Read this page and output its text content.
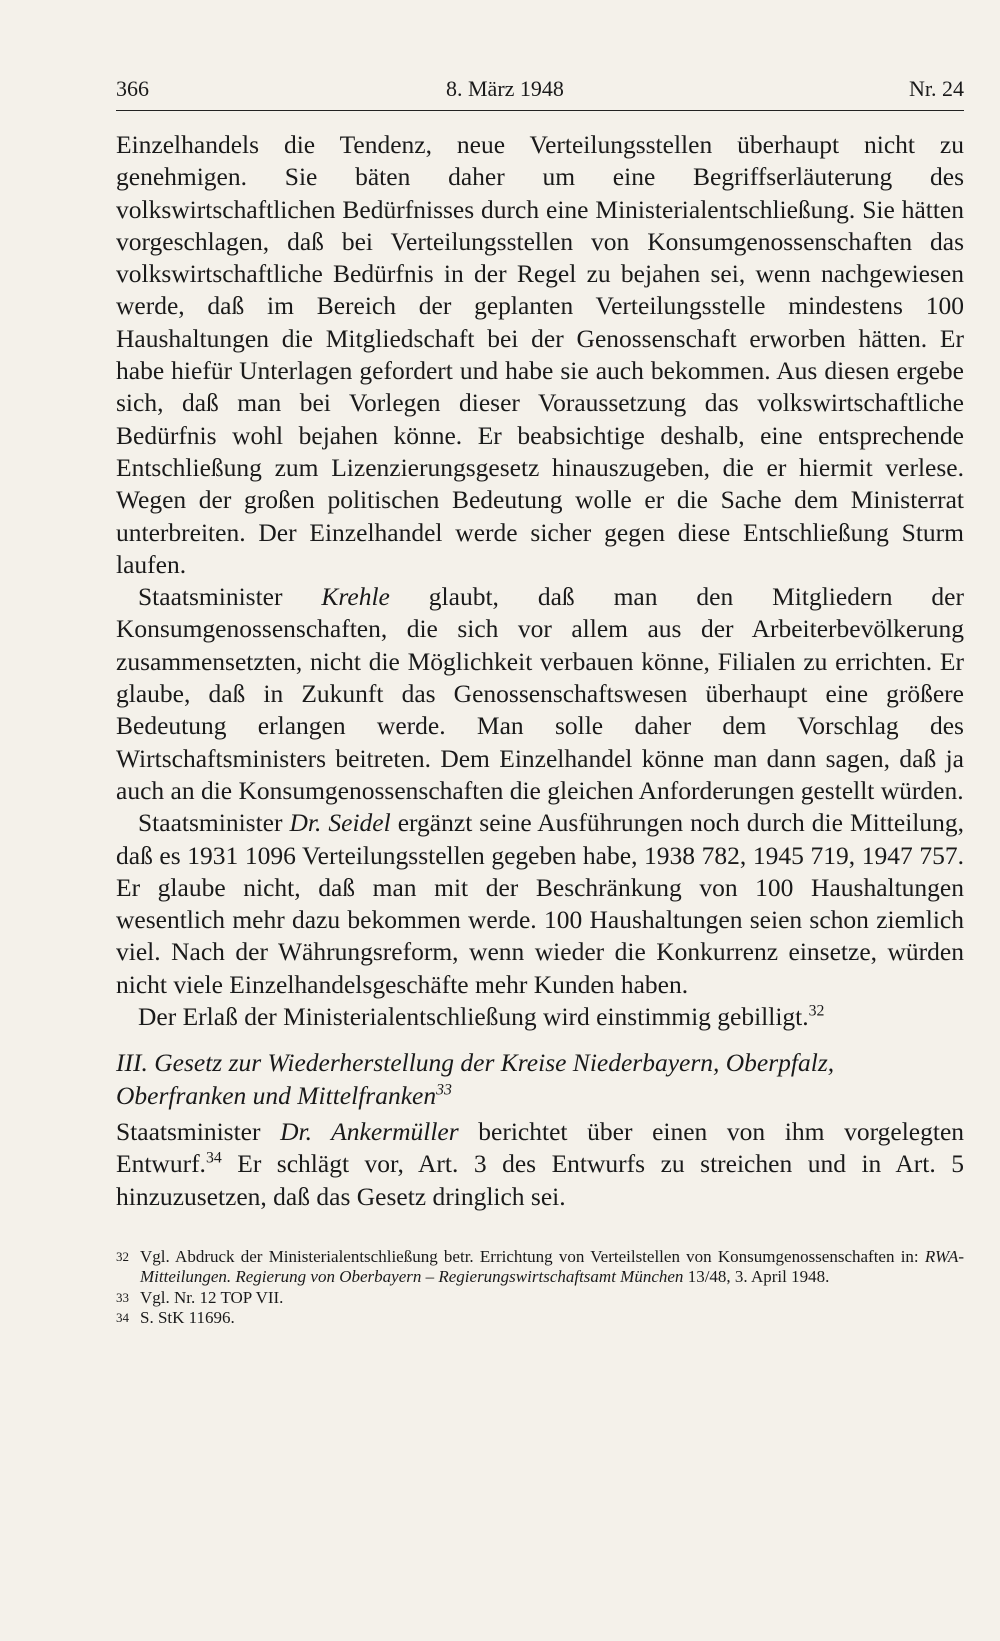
366	8. März 1948	Nr. 24

Einzelhandels die Tendenz, neue Verteilungsstellen überhaupt nicht zu genehmigen. Sie bäten daher um eine Begriffserläuterung des volkswirtschaftlichen Bedürfnisses durch eine Ministerialentschließung. Sie hätten vorgeschlagen, daß bei Verteilungsstellen von Konsumgenossenschaften das volkswirtschaftliche Bedürfnis in der Regel zu bejahen sei, wenn nachgewiesen werde, daß im Bereich der geplanten Verteilungsstelle mindestens 100 Haushaltungen die Mitgliedschaft bei der Genossenschaft erworben hätten. Er habe hiefür Unterlagen gefordert und habe sie auch bekommen. Aus diesen ergebe sich, daß man bei Vorlegen dieser Voraussetzung das volkswirtschaftliche Bedürfnis wohl bejahen könne. Er beabsichtige deshalb, eine entsprechende Entschließung zum Lizenzierungsgesetz hinauszugeben, die er hiermit verlese. Wegen der großen politischen Bedeutung wolle er die Sache dem Ministerrat unterbreiten. Der Einzelhandel werde sicher gegen diese Entschließung Sturm laufen.

Staatsminister Krehle glaubt, daß man den Mitgliedern der Konsumgenossenschaften, die sich vor allem aus der Arbeiterbevölkerung zusammensetzten, nicht die Möglichkeit verbauen könne, Filialen zu errichten. Er glaube, daß in Zukunft das Genossenschaftswesen überhaupt eine größere Bedeutung erlangen werde. Man solle daher dem Vorschlag des Wirtschaftsministers beitreten. Dem Einzelhandel könne man dann sagen, daß ja auch an die Konsumgenossenschaften die gleichen Anforderungen gestellt würden.

Staatsminister Dr. Seidel ergänzt seine Ausführungen noch durch die Mitteilung, daß es 1931 1096 Verteilungsstellen gegeben habe, 1938 782, 1945 719, 1947 757. Er glaube nicht, daß man mit der Beschränkung von 100 Haushaltungen wesentlich mehr dazu bekommen werde. 100 Haushaltungen seien schon ziemlich viel. Nach der Währungsreform, wenn wieder die Konkurrenz einsetze, würden nicht viele Einzelhandelsgeschäfte mehr Kunden haben.

Der Erlaß der Ministerialentschließung wird einstimmig gebilligt.$^{32}$

III. Gesetz zur Wiederherstellung der Kreise Niederbayern, Oberpfalz, Oberfranken und Mittelfranken$^{33}$

Staatsminister Dr. Ankermüller berichtet über einen von ihm vorgelegten Entwurf.$^{34}$ Er schlägt vor, Art. 3 des Entwurfs zu streichen und in Art. 5 hinzuzusetzen, daß das Gesetz dringlich sei.

32 Vgl. Abdruck der Ministerialentschließung betr. Errichtung von Verteilstellen von Konsumgenossenschaften in: RWA-Mitteilungen. Regierung von Oberbayern – Regierungswirtschaftsamt München 13/48, 3. April 1948.

33 Vgl. Nr. 12 TOP VII.

34 S. StK 11696.
